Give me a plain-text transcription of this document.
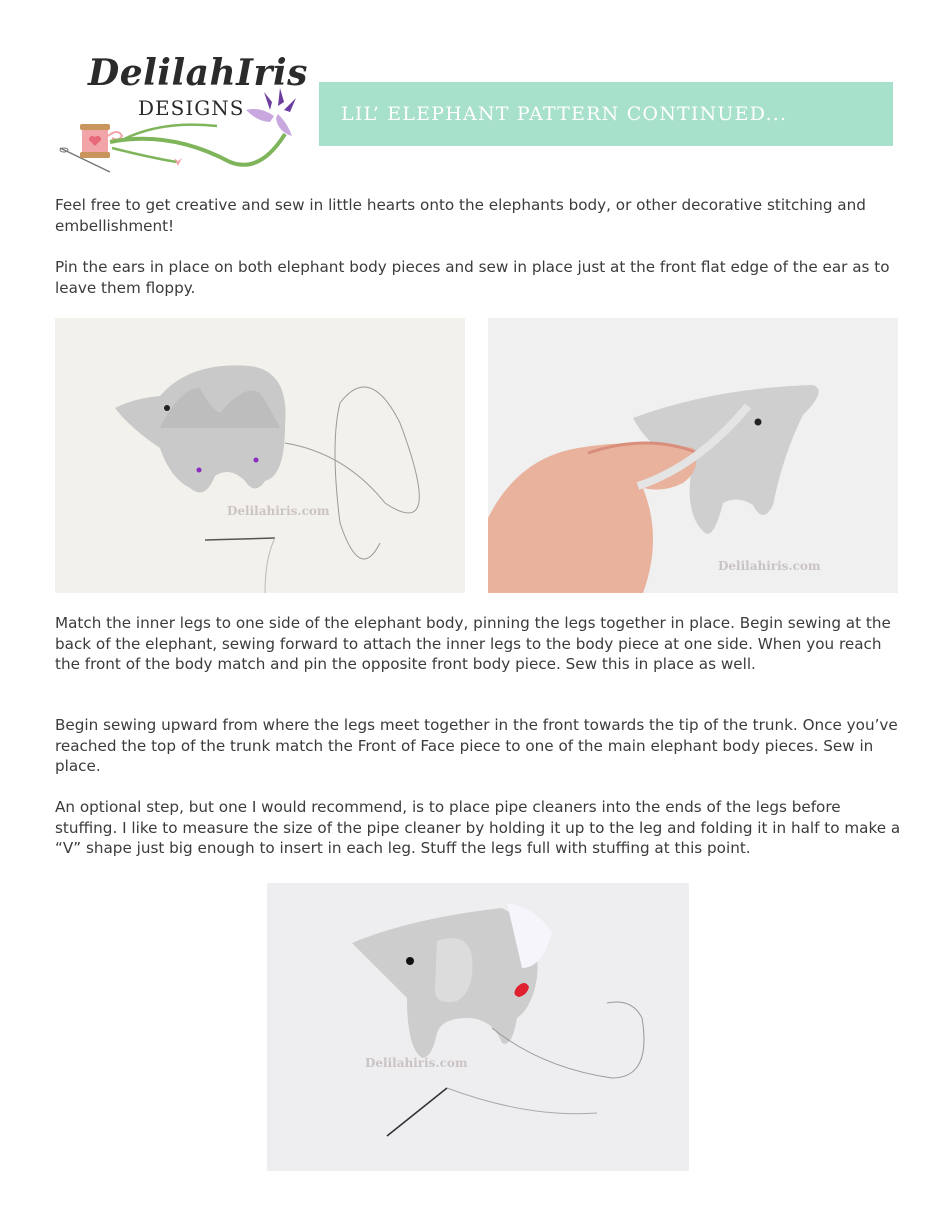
DelilahIris
DESIGNS	LIL’ ELEPHANT PATTERN CONTINUED...

Feel free to get creative and sew in little hearts onto the elephants body, or other decorative stitching and embellishment!

Pin the ears in place on both elephant body pieces and sew in place just at the front flat edge of the ear as to leave them floppy.

Delilahiris.com
Delilahiris.com

Match the inner legs to one side of the elephant body, pinning the legs together in place. Begin sewing at the back of the elephant, sewing forward to attach the inner legs to the body piece at one side. When you reach the front of the body match and pin the opposite front body piece. Sew this in place as well.

Begin sewing upward from where the legs meet together in the front towards the tip of the trunk. Once you’ve reached the top of the trunk match the Front of Face piece to one of the main elephant body pieces. Sew in place.

An optional step, but one I would recommend, is to place pipe cleaners into the ends of the legs before stuffing. I like to measure the size of the pipe cleaner by holding it up to the leg and folding it in half to make a “V” shape just big enough to insert in each leg. Stuff the legs full with stuffing at this point.

Delilahiris.com
